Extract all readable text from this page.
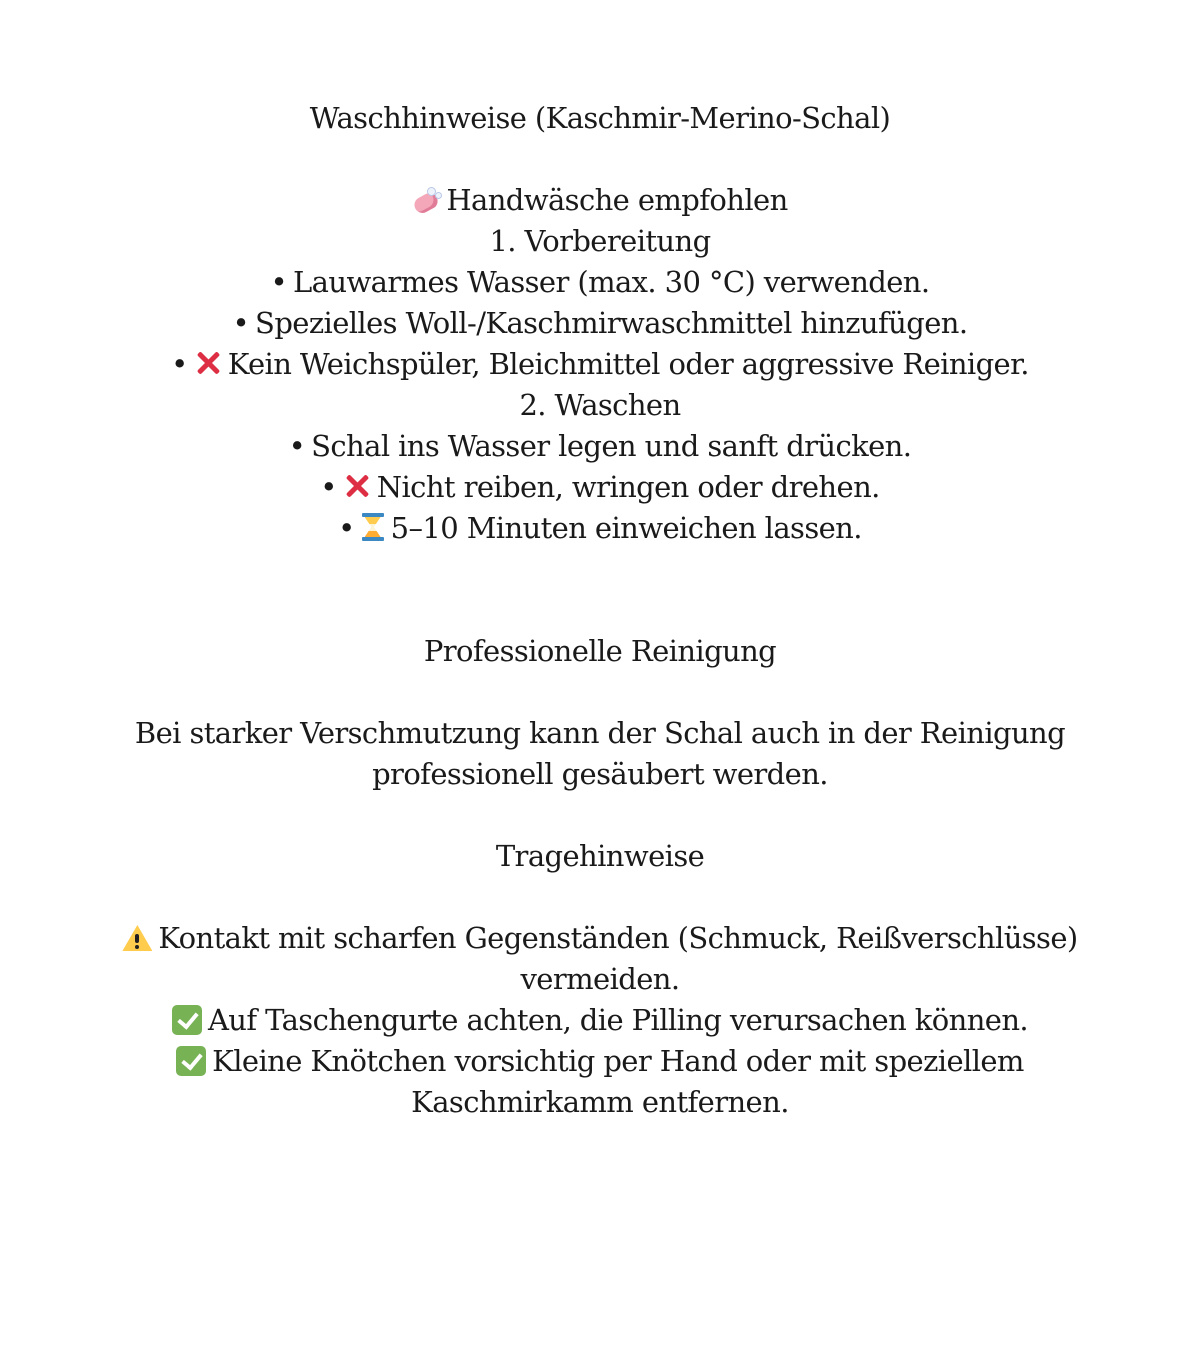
Waschhinweise (Kaschmir-Merino-Schal)

Handwäsche empfohlen

1. Vorbereitung

• Lauwarmes Wasser (max. 30 °C) verwenden.

• Spezielles Woll-/Kaschmirwaschmittel hinzufügen.

• Kein Weichspüler, Bleichmittel oder aggressive Reiniger.

2. Waschen

• Schal ins Wasser legen und sanft drücken.

• Nicht reiben, wringen oder drehen.

• 5–10 Minuten einweichen lassen.

Professionelle Reinigung

Bei starker Verschmutzung kann der Schal auch in der Reinigung professionell gesäubert werden.

Tragehinweise

Kontakt mit scharfen Gegenständen (Schmuck, Reißverschlüsse) vermeiden.

Auf Taschengurte achten, die Pilling verursachen können.

Kleine Knötchen vorsichtig per Hand oder mit speziellem Kaschmirkamm entfernen.
